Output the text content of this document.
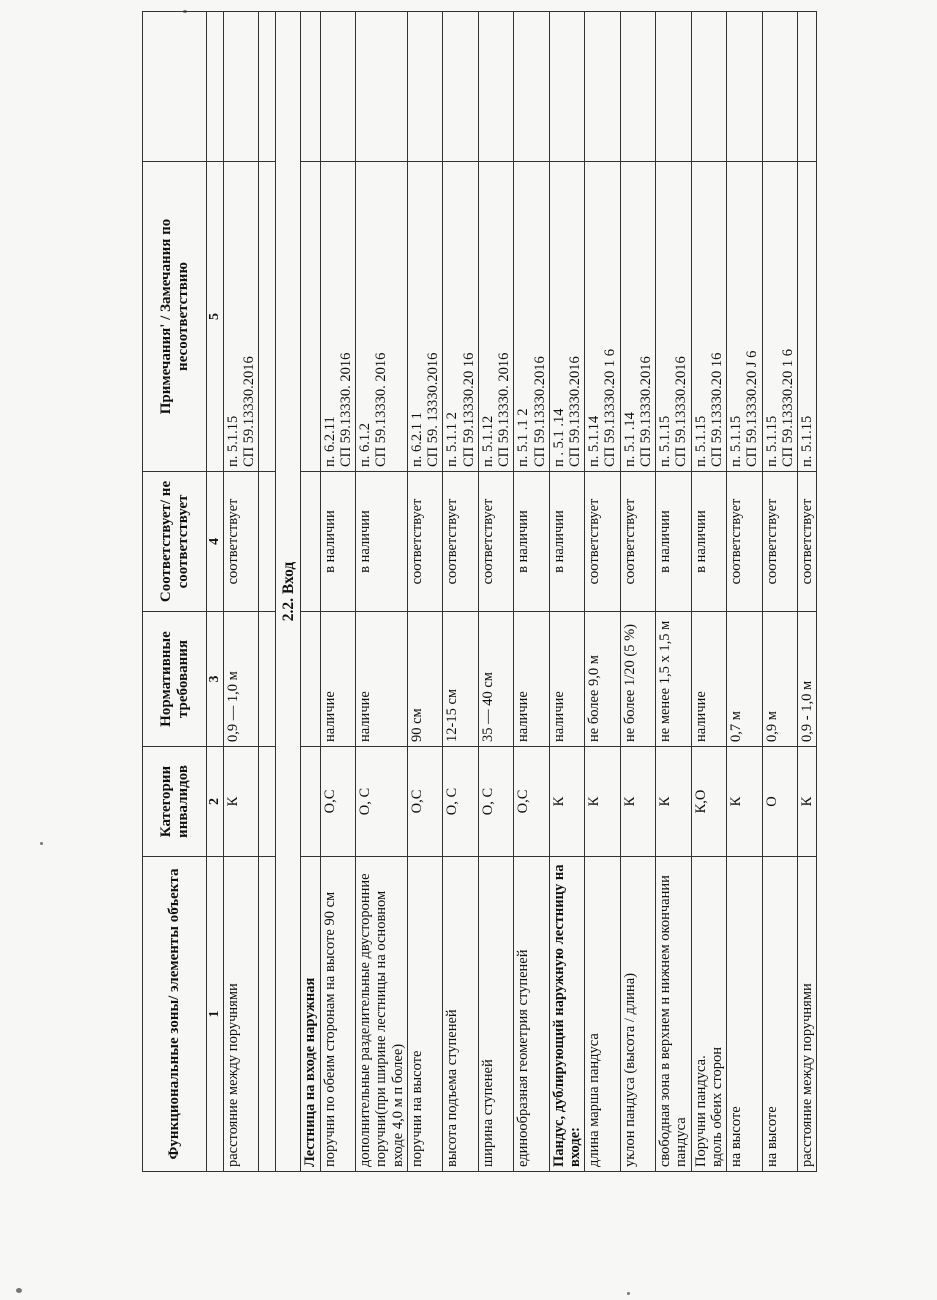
Функциональные зоны/ элементы объекта	Категории инвалидов	Нормативные требования	Соответствует/ не соответствует	Примечания' / Замечания по несоответствию	
1	2	3	4	5	
расстояние между поручнями	К	0,9 — 1,0 м	соответствует	п. 5.1.15
СП 59.13330.2016	

2.2. Вход					
Лестница на входе наружная					
поручни по обеим сторонам на высоте 90 см	О,С	наличие	в наличии	п. 6.2.11
СП 59.13330. 2016	
дополнительные разделительные двусторонние поручни(при ширине лестницы на основном входе 4,0 м п более)	О, С	наличие	в наличии	п. 6.1.2
СП 59.13330. 2016	
поручни на высоте	О,С	90 см	соответствует	п. 6.2.1 1
СП 59. 13330.2016	
высота подъема ступеней	О, С	12-15 см	соответствует	п. 5.1.1 2
СП 59.13330.20 16	
ширина ступеней	О, С	35 — 40 см	соответствует	п. 5.1.12
СП 59.13330. 2016	
единообразная геометрия ступеней	О,С	наличие	в наличии	п. 5.1 .1 2
СП 59.13330.2016	
Пандус, дублирующий наружную лестницу на входе:	К	наличие	в наличии	п . 5.1 .14
СП 59.13330.2016	
длина марша пандуса	К	не более 9,0 м	соответствует	п. 5.1.14
СП 59.13330.20 1 6	
уклон пандуса (высота / длина)	К	не более 1/20 (5 %)	соответствует	п. 5.1 .14
СП 59.13330.2016	
свободная зона в верхнем н нижнем окончании пандуса	К	не менее 1,5 х 1,5 м	в наличии	п. 5.1.15
СП 59.13330.2016	
Поручни пандуса.
вдоль обеих сторон	К,О	наличие	в наличии	п. 5.1.15
СП 59.13330.20 16	
на высоте	К	0,7 м	соответствует	п. 5.1.15
СП 59.13330.20 J 6	
на высоте	О	0,9 м	соответствует	п. 5.1.15
СП 59.13330.20 1 6	
расстояние между поручнями	К	0,9 - 1,0 м	соответствует	п. 5.1.15
